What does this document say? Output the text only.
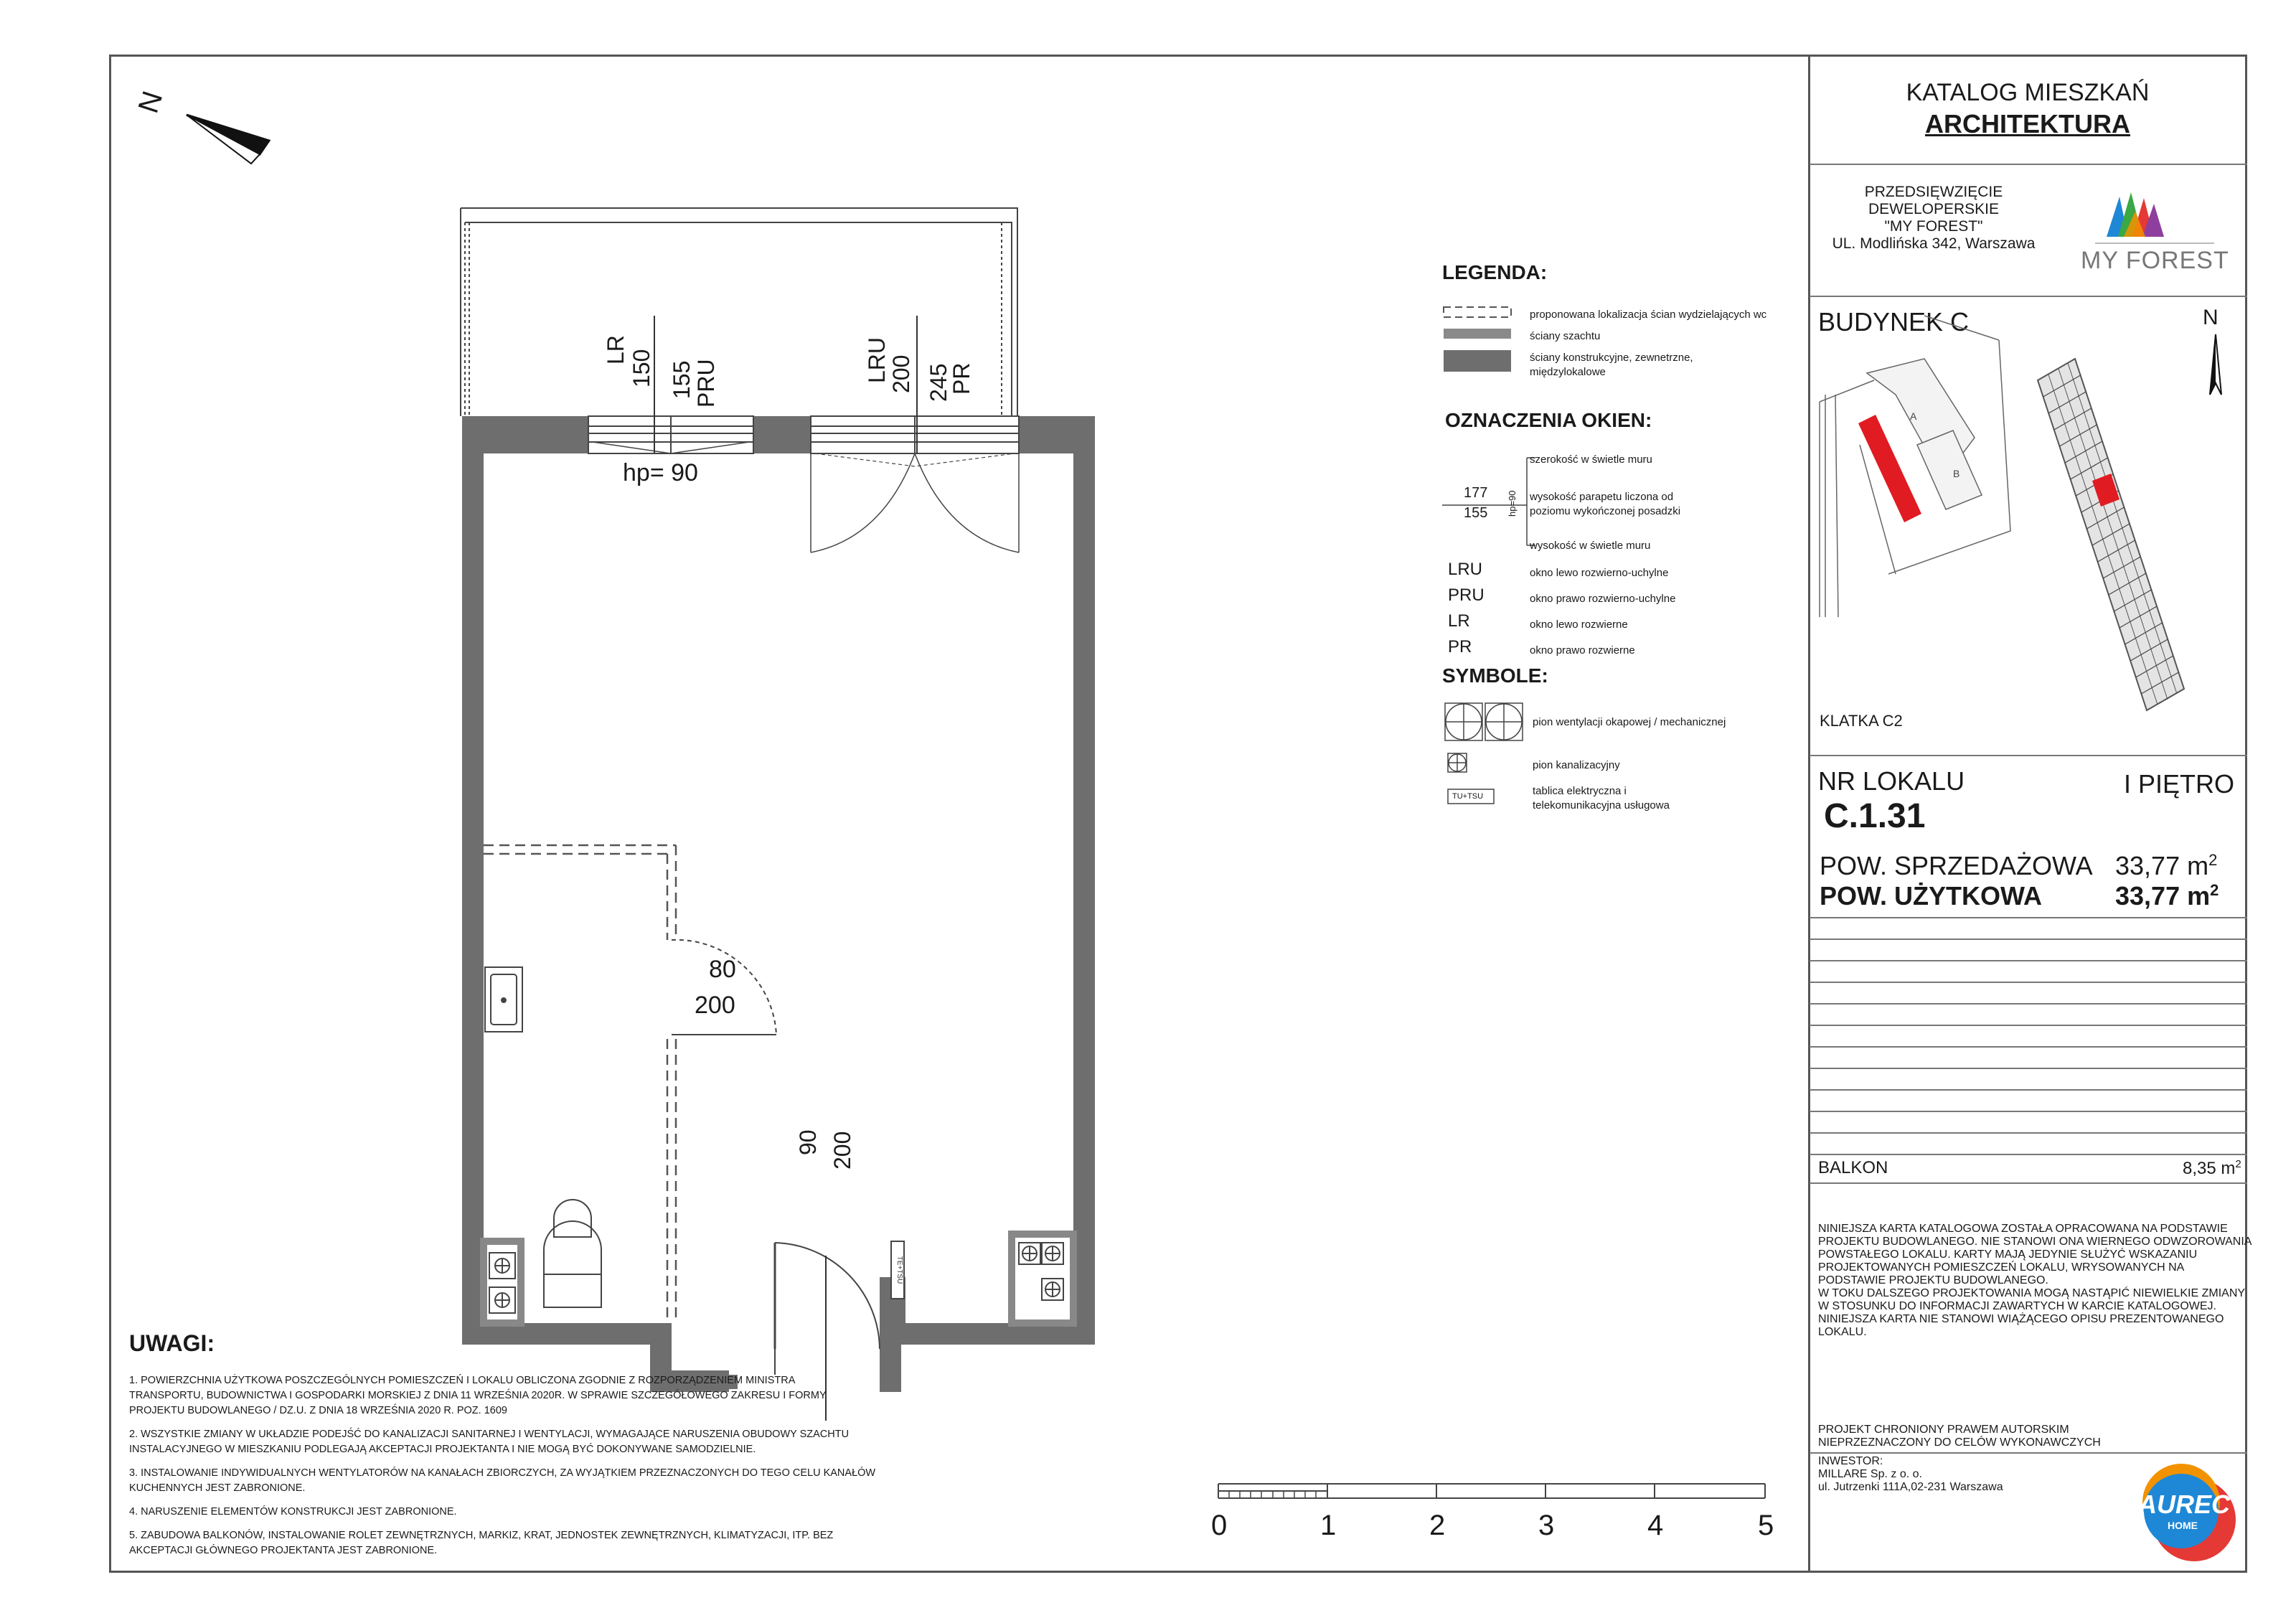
N
TE+TSU
LR 150 155
PRU	LRU
200 245
PR
hp= 90
80
200
90 200
LEGENDA:
proponowana lokalizacja ścian wydzielających wc
ściany szachtu
ściany konstrukcyjne, zewnetrzne,
międzylokalowe
OZNACZENIA OKIEN:
177
155 hp=90
szerokość w świetle muru
wysokość parapetu liczona od
poziomu wykończonej posadzki
wysokość w świetle muru
LRU	okno lewo rozwierno-uchylne
PRU	okno prawo rozwierno-uchylne
LR	okno lewo rozwierne
PR	okno prawo rozwierne
SYMBOLE:
TU+TSU
pion wentylacji okapowej / mechanicznej
pion kanalizacyjny
tablica elektryczna i
telekomunikacyjna usługowa
0	1	2	3	4	5
UWAGI:
1. POWIERZCHNIA UŻYTKOWA POSZCZEGÓLNYCH POMIESZCZEŃ I LOKALU OBLICZONA ZGODNIE Z ROZPORZĄDZENIEM MINISTRA
TRANSPORTU, BUDOWNICTWA I GOSPODARKI MORSKIEJ Z DNIA 11 WRZEŚNIA 2020R. W SPRAWIE SZCZEGÓŁOWEGO ZAKRESU I FORMY
PROJEKTU BUDOWLANEGO / DZ.U. Z DNIA 18 WRZEŚNIA 2020 R. POZ. 1609
2. WSZYSTKIE ZMIANY W UKŁADZIE PODEJŚĆ DO KANALIZACJI SANITARNEJ I WENTYLACJI, WYMAGAJĄCE NARUSZENIA OBUDOWY SZACHTU
INSTALACYJNEGO W MIESZKANIU PODLEGAJĄ AKCEPTACJI PROJEKTANTA I NIE MOGĄ BYĆ DOKONYWANE SAMODZIELNIE.
3. INSTALOWANIE INDYWIDUALNYCH WENTYLATORÓW NA KANAŁACH ZBIORCZYCH, ZA WYJĄTKIEM PRZEZNACZONYCH DO TEGO CELU KANAŁÓW
KUCHENNYCH JEST ZABRONIONE.
4. NARUSZENIE ELEMENTÓW KONSTRUKCJI JEST ZABRONIONE.
5. ZABUDOWA BALKONÓW, INSTALOWANIE ROLET ZEWNĘTRZNYCH, MARKIZ, KRAT, JEDNOSTEK ZEWNĘTRZNYCH, KLIMATYZACJI, ITP. BEZ
AKCEPTACJI GŁÓWNEGO PROJEKTANTA JEST ZABRONIONE.
KATALOG MIESZKAŃ
ARCHITEKTURA
PRZEDSIĘWZIĘCIE
DEWELOPERSKIE
"MY FOREST"
UL. Modlińska 342, Warszawa
MY FOREST
BUDYNEK C	N
A
B
KLATKA C2
NR LOKALU	I PIĘTRO
C.1.31
POW. SPRZEDAŻOWA 33,77 $m^2$
POW. UŻYTKOWA	33,77 $m^2$
BALKON	8,35 $m^2$
NINIEJSZA KARTA KATALOGOWA ZOSTAŁA OPRACOWANA NA PODSTAWIE
PROJEKTU BUDOWLANEGO. NIE STANOWI ONA WIERNEGO ODWZOROWANIA
POWSTAŁEGO LOKALU. KARTY MAJĄ JEDYNIE SŁUŻYĆ WSKAZANIU
PROJEKTOWANYCH POMIESZCZEŃ LOKALU, WRYSOWANYCH NA
PODSTAWIE PROJEKTU BUDOWLANEGO.
W TOKU DALSZEGO PROJEKTOWANIA MOGĄ NASTĄPIĆ NIEWIELKIE ZMIANY
W STOSUNKU DO INFORMACJI ZAWARTYCH W KARCIE KATALOGOWEJ.
NINIEJSZA KARTA NIE STANOWI WIĄŻĄCEGO OPISU PREZENTOWANEGO
LOKALU.
PROJEKT CHRONIONY PRAWEM AUTORSKIM
NIEPRZEZNACZONY DO CELÓW WYKONAWCZYCH
INWESTOR:
MILLARE Sp. z o. o.
ul. Jutrzenki 111A,02-231 Warszawa
AUREC
HOME
